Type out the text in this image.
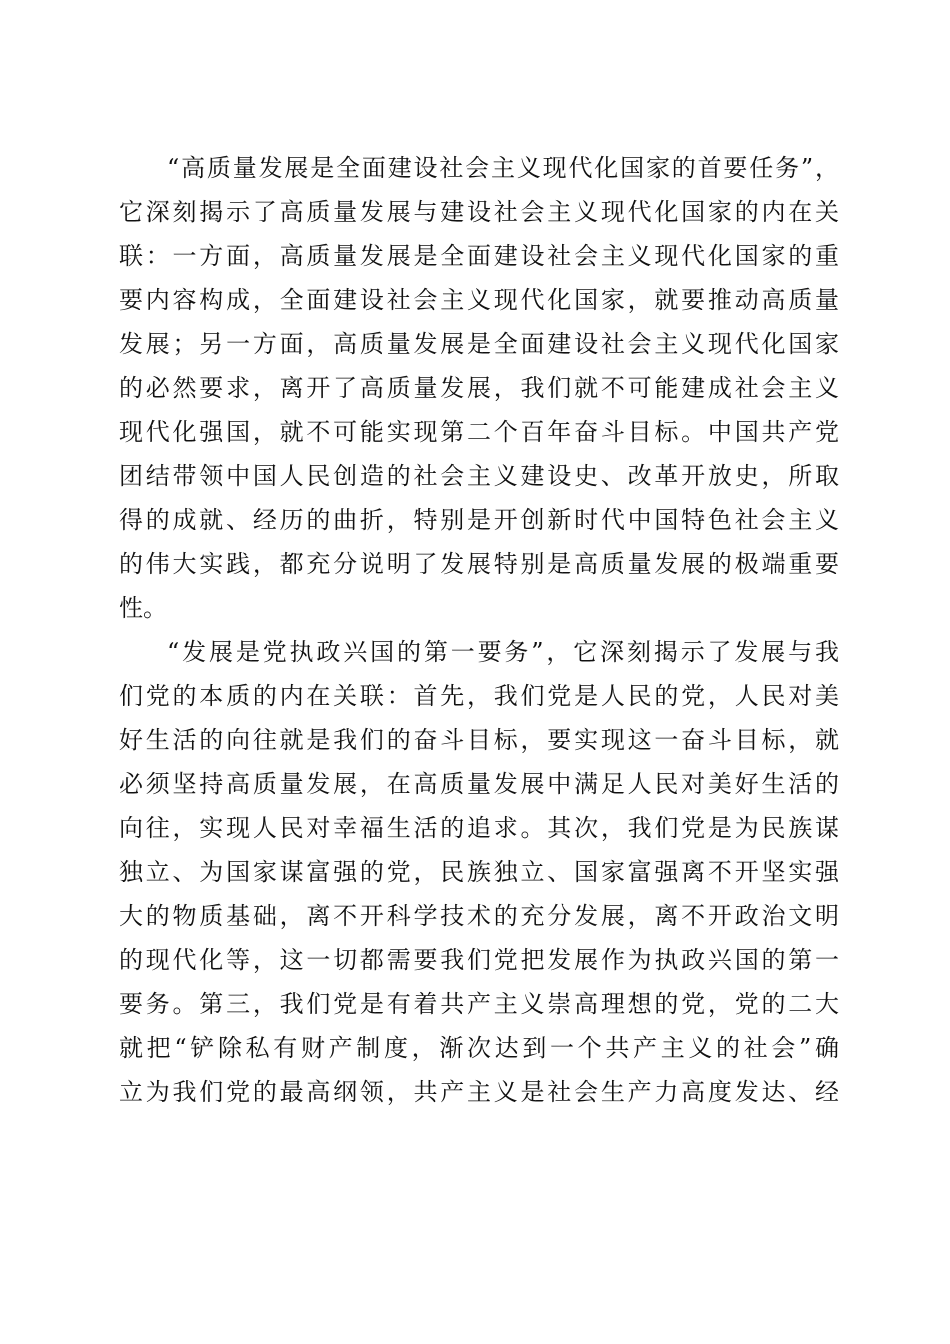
“高质量发展是全面建设社会主义现代化国家的首要任务”，
它深刻揭示了高质量发展与建设社会主义现代化国家的内在关
联：一方面，高质量发展是全面建设社会主义现代化国家的重
要内容构成，全面建设社会主义现代化国家，就要推动高质量
发展；另一方面，高质量发展是全面建设社会主义现代化国家
的必然要求，离开了高质量发展，我们就不可能建成社会主义
现代化强国，就不可能实现第二个百年奋斗目标。中国共产党
团结带领中国人民创造的社会主义建设史、改革开放史，所取
得的成就、经历的曲折，特别是开创新时代中国特色社会主义
的伟大实践，都充分说明了发展特别是高质量发展的极端重要
性。
“发展是党执政兴国的第一要务”，它深刻揭示了发展与我
们党的本质的内在关联：首先，我们党是人民的党，人民对美
好生活的向往就是我们的奋斗目标，要实现这一奋斗目标，就
必须坚持高质量发展，在高质量发展中满足人民对美好生活的
向往，实现人民对幸福生活的追求。其次，我们党是为民族谋
独立、为国家谋富强的党，民族独立、国家富强离不开坚实强
大的物质基础，离不开科学技术的充分发展，离不开政治文明
的现代化等，这一切都需要我们党把发展作为执政兴国的第一
要务。第三，我们党是有着共产主义崇高理想的党，党的二大
就把“铲除私有财产制度，渐次达到一个共产主义的社会”确
立为我们党的最高纲领，共产主义是社会生产力高度发达、经
